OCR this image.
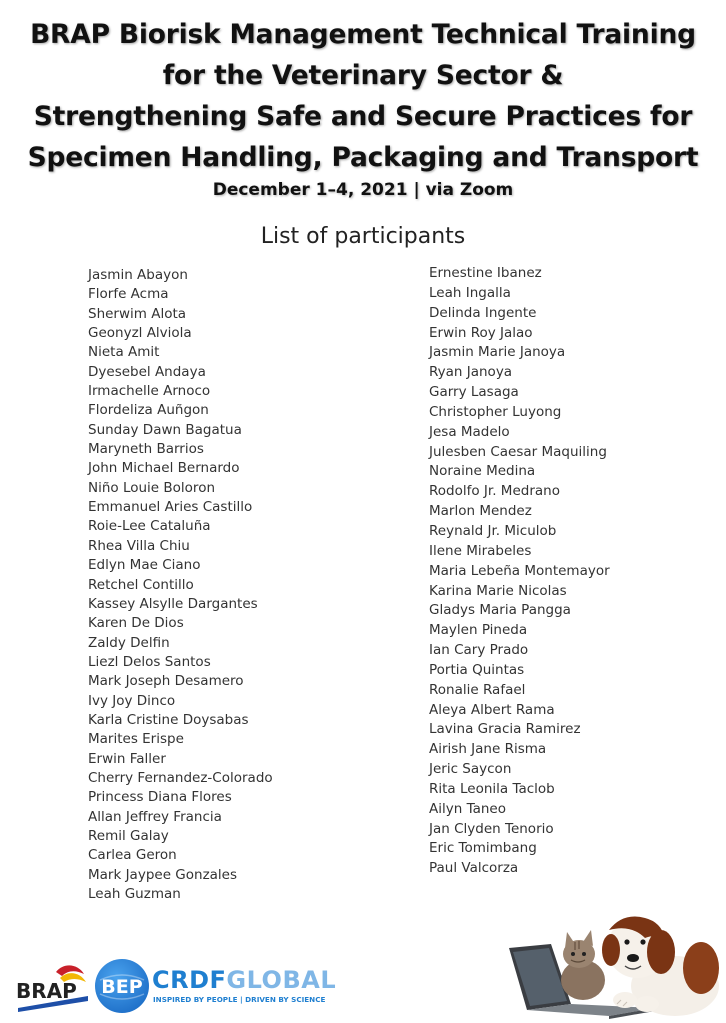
BRAP Biorisk Management Technical Training
for the Veterinary Sector &
Strengthening Safe and Secure Practices for
Specimen Handling, Packaging and Transport
December 1–4, 2021 | via Zoom
List of participants
Jasmin Abayon
Florfe Acma
Sherwim Alota
Geonyzl Alviola
Nieta Amit
Dyesebel Andaya
Irmachelle Arnoco
Flordeliza Auñgon
Sunday Dawn Bagatua
Maryneth Barrios
John Michael Bernardo
Niño Louie Boloron
Emmanuel Aries Castillo
Roie-Lee Cataluña
Rhea Villa Chiu
Edlyn Mae Ciano
Retchel Contillo
Kassey Alsylle Dargantes
Karen De Dios
Zaldy Delfin
Liezl Delos Santos
Mark Joseph Desamero
Ivy Joy Dinco
Karla Cristine Doysabas
Marites Erispe
Erwin Faller
Cherry Fernandez-Colorado
Princess Diana Flores
Allan Jeffrey Francia
Remil Galay
Carlea Geron
Mark Jaypee Gonzales
Leah Guzman
Ernestine Ibanez
Leah Ingalla
Delinda Ingente
Erwin Roy Jalao
Jasmin Marie Janoya
Ryan Janoya
Garry Lasaga
Christopher Luyong
Jesa Madelo
Julesben Caesar Maquiling
Noraine Medina
Rodolfo Jr. Medrano
Marlon Mendez
Reynald Jr. Miculob
Ilene Mirabeles
Maria Lebeña Montemayor
Karina Marie Nicolas
Gladys Maria Pangga
Maylen Pineda
Ian Cary Prado
Portia Quintas
Ronalie Rafael
Aleya Albert Rama
Lavina Gracia Ramirez
Airish Jane Risma
Jeric Saycon
Rita Leonila Taclob
Ailyn Taneo
Jan Clyden Tenorio
Eric Tomimbang
Paul Valcorza
BRAP BEP CRDFGLOBAL
INSPIRED BY PEOPLE | DRIVEN BY SCIENCE
